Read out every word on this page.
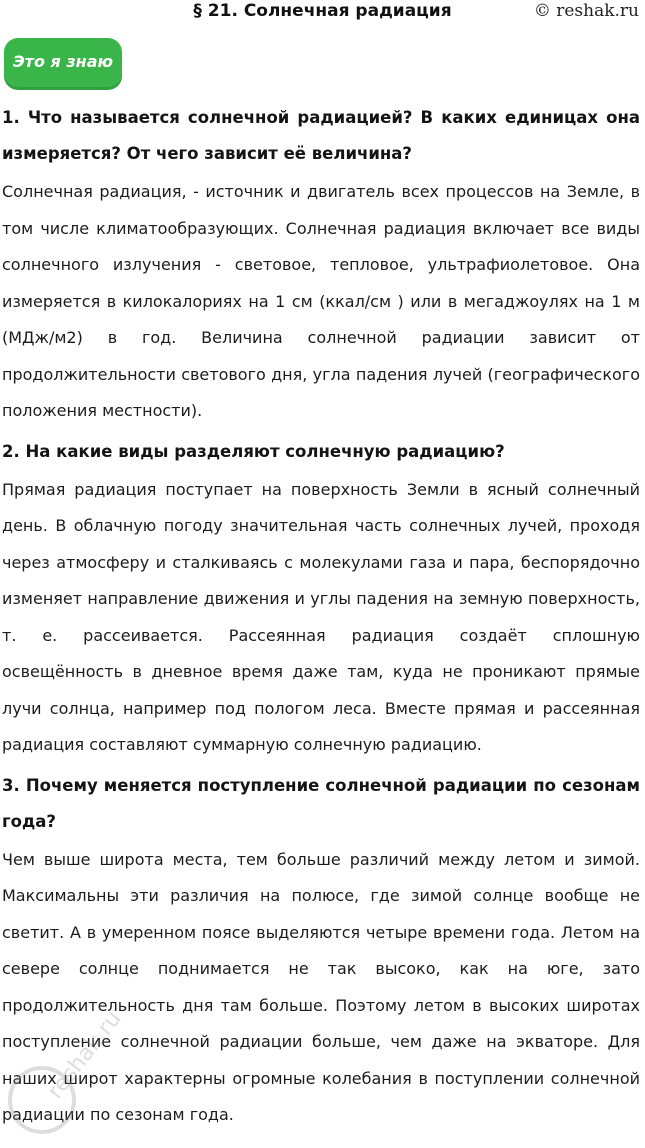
§ 21. Солнечная радиация	© reshak.ru
Это я знаю

1. Что называется солнечной радиацией? В каких единицах она измеряется? От чего зависит её величина?

Солнечная радиация, - источник и двигатель всех процессов на Земле, в том числе климатообразующих. Солнечная радиация включает все виды солнечного излучения - световое, тепловое, ультрафиолетовое. Она измеряется в килокалориях на 1 см (ккал/см ) или в мегаджоулях на 1 м (МДж/м2) в год. Величина солнечной радиации зависит от продолжительности светового дня, угла падения лучей (географического положения местности).

2. На какие виды разделяют солнечную радиацию?

Прямая радиация поступает на поверхность Земли в ясный солнечный день. В облачную погоду значительная часть солнечных лучей, проходя через атмосферу и сталкиваясь с молекулами газа и пара, беспорядочно изменяет направление движения и углы падения на земную поверхность, т. е. рассеивается. Рассеянная радиация создаёт сплошную освещённость в дневное время даже там, куда не проникают прямые лучи солнца, например под пологом леса. Вместе прямая и рассеянная радиация составляют суммарную солнечную радиацию.

3. Почему меняется поступление солнечной радиации по сезонам года?

Чем выше широта места, тем больше различий между летом и зимой. Максимальны эти различия на полюсе, где зимой солнце вообще не светит. А в умеренном поясе выделяются четыре времени года. Летом на севере солнце поднимается не так высоко, как на юге, зато продолжительность дня там больше. Поэтому летом в высоких широтах поступление солнечной радиации больше, чем даже на экваторе. Для наших широт характерны огромные колебания в поступлении солнечной радиации по сезонам года.

reshak.ru
